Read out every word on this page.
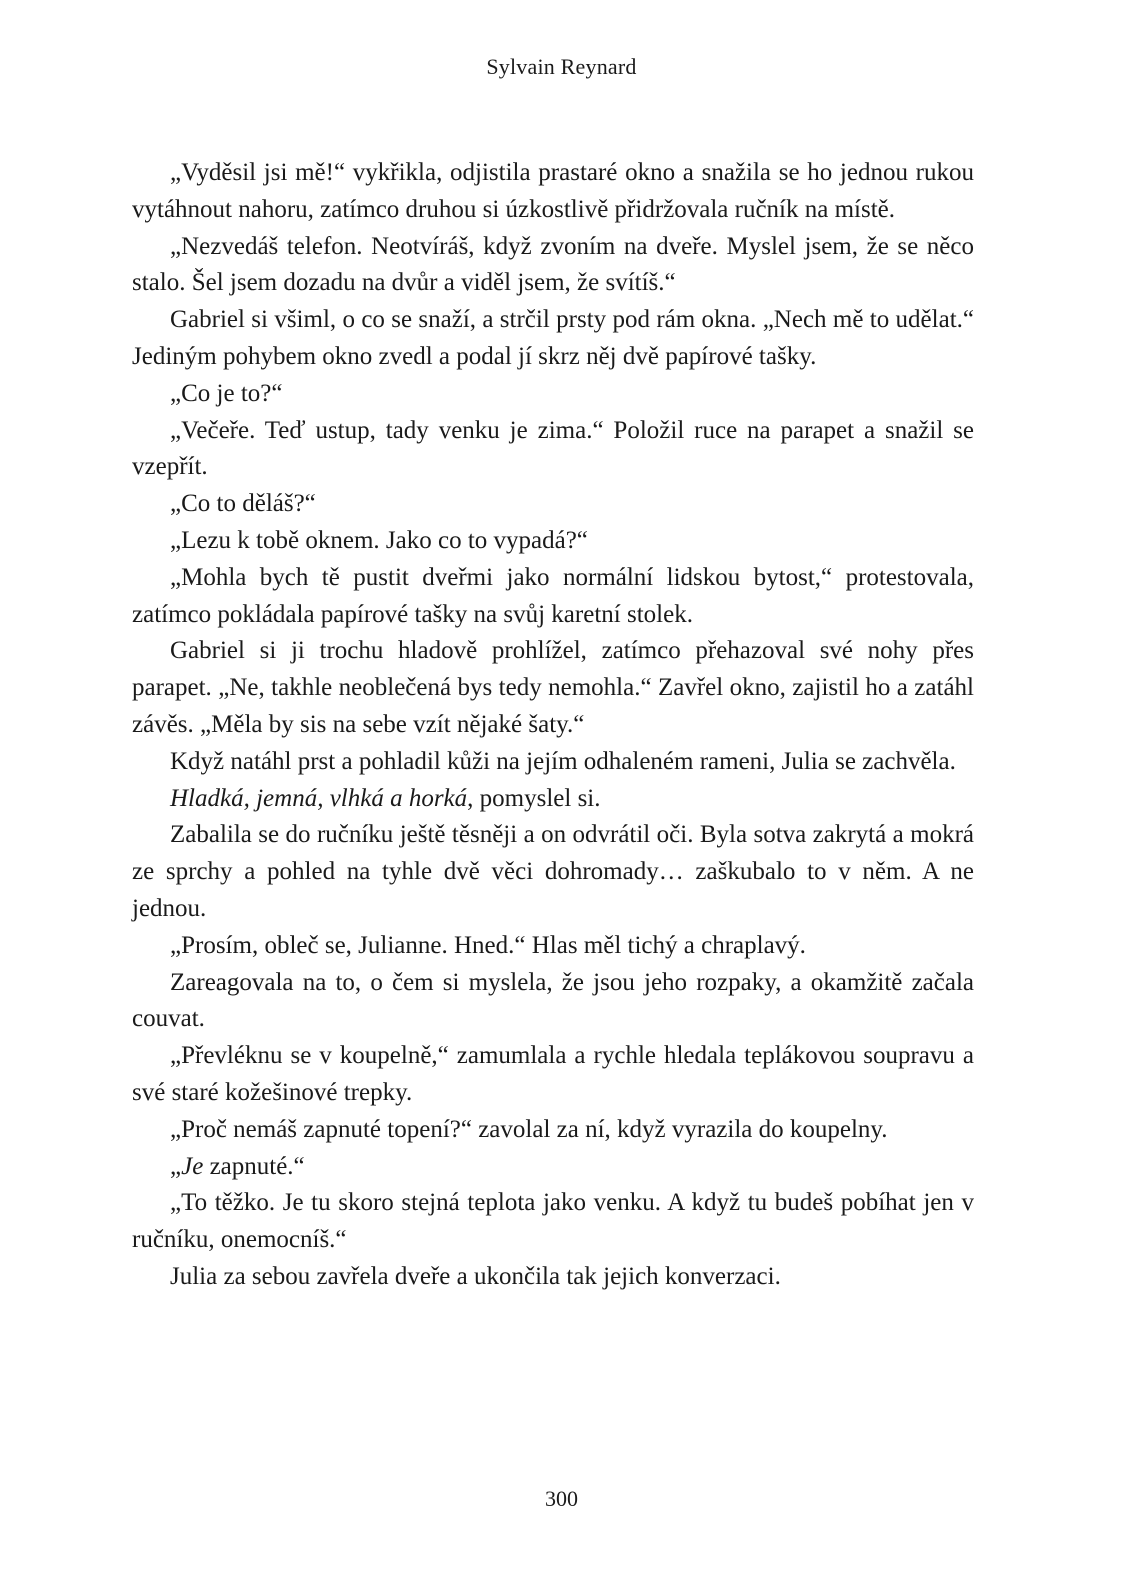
Sylvain Reynard

„Vyděsil jsi mě!“ vykřikla, odjistila prastaré okno a snažila se ho jednou rukou vytáhnout nahoru, zatímco druhou si úzkostlivě přidržovala ručník na místě.

„Nezvedáš telefon. Neotvíráš, když zvoním na dveře. Myslel jsem, že se něco stalo. Šel jsem dozadu na dvůr a viděl jsem, že svítíš.“

Gabriel si všiml, o co se snaží, a strčil prsty pod rám okna. „Nech mě to udělat.“ Jediným pohybem okno zvedl a podal jí skrz něj dvě papírové tašky.

„Co je to?“

„Večeře. Teď ustup, tady venku je zima.“ Položil ruce na parapet a snažil se vzepřít.

„Co to děláš?“

„Lezu k tobě oknem. Jako co to vypadá?“

„Mohla bych tě pustit dveřmi jako normální lidskou bytost,“ protestovala, zatímco pokládala papírové tašky na svůj karetní stolek.

Gabriel si ji trochu hladově prohlížel, zatímco přehazoval své nohy přes parapet. „Ne, takhle neoblečená bys tedy nemohla.“ Zavřel okno, zajistil ho a zatáhl závěs. „Měla by sis na sebe vzít nějaké šaty.“

Když natáhl prst a pohladil kůži na jejím odhaleném rameni, Julia se zachvěla.

Hladká, jemná, vlhká a horká, pomyslel si.

Zabalila se do ručníku ještě těsněji a on odvrátil oči. Byla sotva zakrytá a mokrá ze sprchy a pohled na tyhle dvě věci dohromady… zaškubalo to v něm. A ne jednou.

„Prosím, obleč se, Julianne. Hned.“ Hlas měl tichý a chraplavý.

Zareagovala na to, o čem si myslela, že jsou jeho rozpaky, a okamžitě začala couvat.

„Převléknu se v koupelně,“ zamumlala a rychle hledala teplákovou soupravu a své staré kožešinové trepky.

„Proč nemáš zapnuté topení?“ zavolal za ní, když vyrazila do koupelny.

„Je zapnuté.“

„To těžko. Je tu skoro stejná teplota jako venku. A když tu budeš pobíhat jen v ručníku, onemocníš.“

Julia za sebou zavřela dveře a ukončila tak jejich konverzaci.

300
